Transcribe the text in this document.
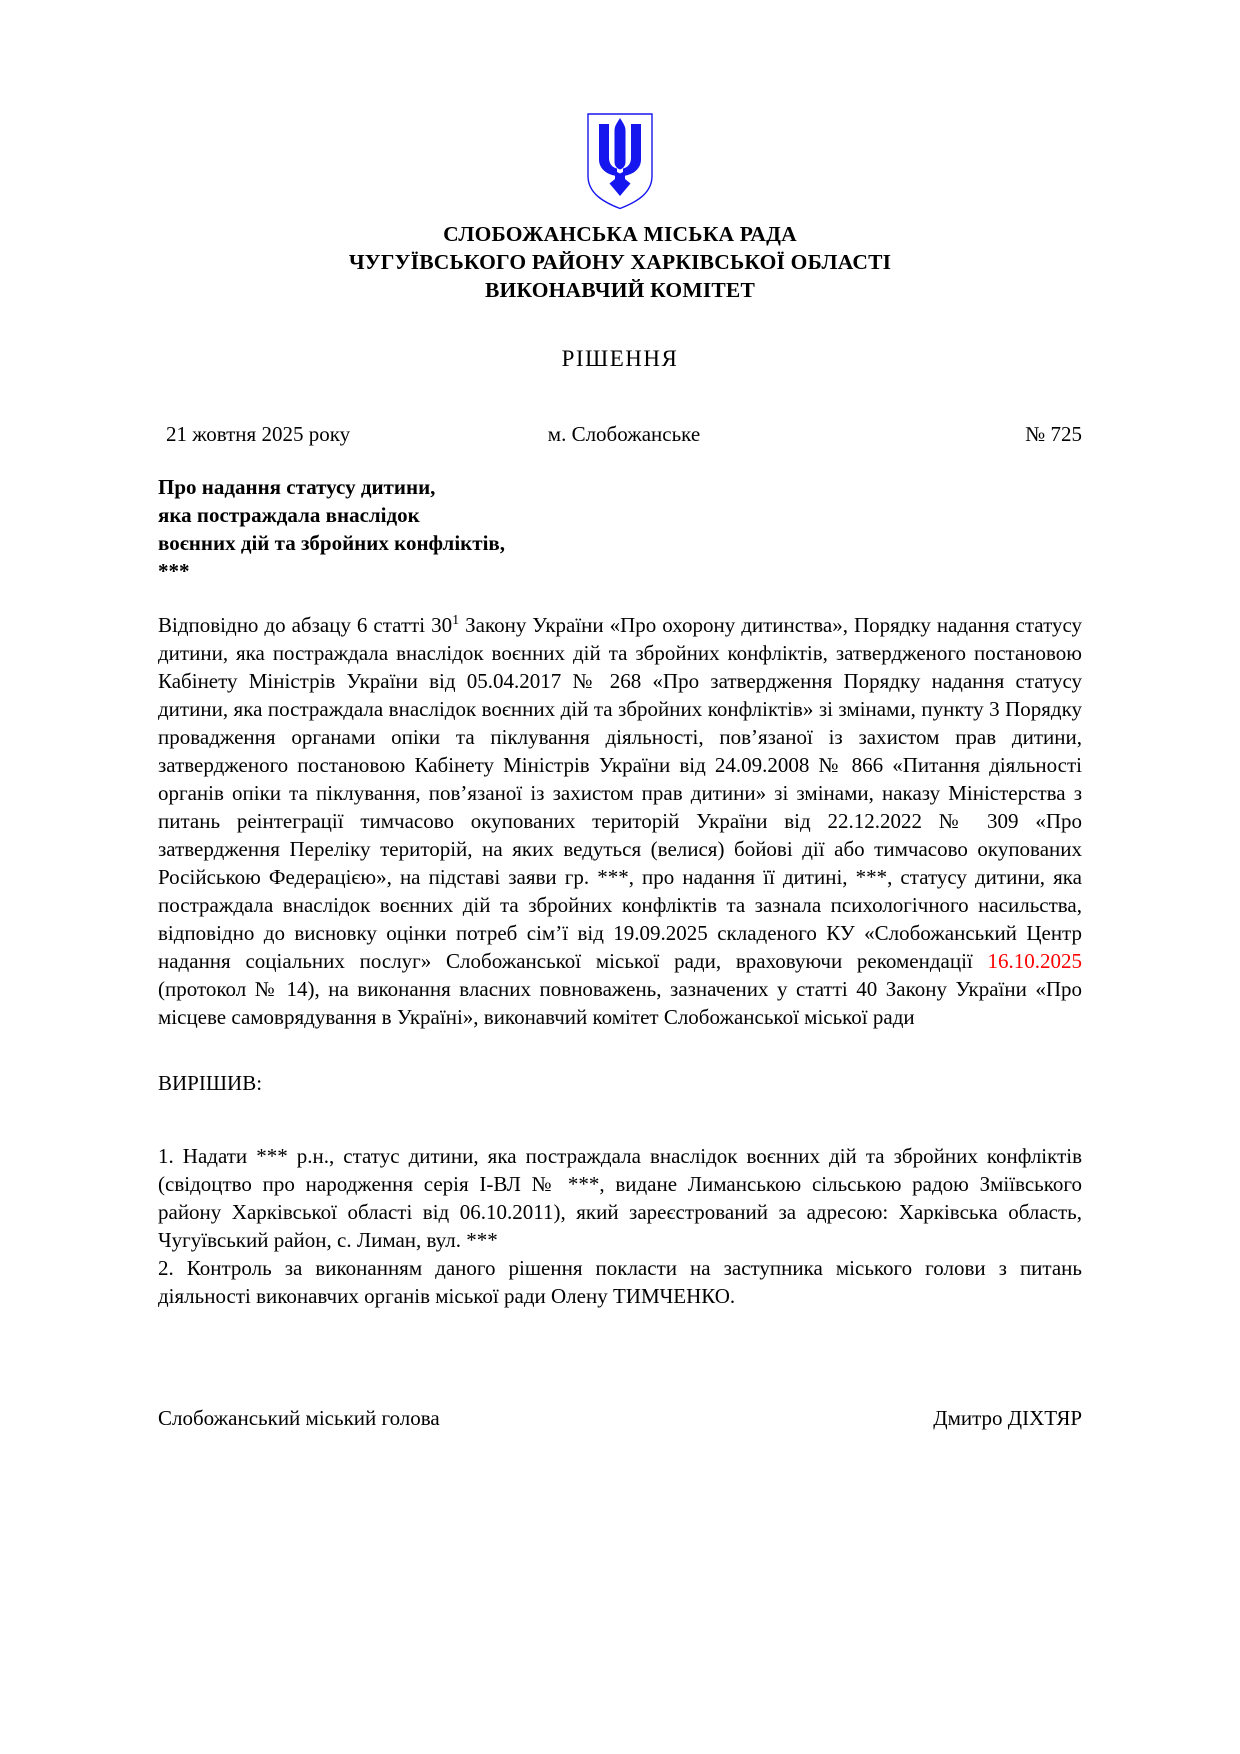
СЛОБОЖАНСЬКА МІСЬКА РАДА
ЧУГУЇВСЬКОГО РАЙОНУ ХАРКІВСЬКОЇ ОБЛАСТІ
ВИКОНАВЧИЙ КОМІТЕТ
РІШЕННЯ
21 жовтня 2025 року	м. Слобожанське	№ 725
Про надання статусу дитини,
яка постраждала внаслідок
воєнних дій та збройних конфліктів,
***

Відповідно до абзацу 6 статті $30^1$ Закону України «Про охорону дитинства», Порядку надання статусу дитини, яка постраждала внаслідок воєнних дій та збройних конфліктів, затвердженого постановою Кабінету Міністрів України від 05.04.2017 № 268 «Про затвердження Порядку надання статусу дитини, яка постраждала внаслідок воєнних дій та збройних конфліктів» зі змінами, пункту 3 Порядку провадження органами опіки та піклування діяльності, пов’язаної із захистом прав дитини, затвердженого постановою Кабінету Міністрів України від 24.09.2008 № 866 «Питання діяльності органів опіки та піклування, пов’язаної із захистом прав дитини» зі змінами, наказу Міністерства з питань реінтеграції тимчасово окупованих територій України від 22.12.2022 № 309 «Про затвердження Переліку територій, на яких ведуться (велися) бойові дії або тимчасово окупованих Російською Федерацією», на підставі заяви гр. ***, про надання її дитині, ***, статусу дитини, яка постраждала внаслідок воєнних дій та збройних конфліктів та зазнала психологічного насильства, відповідно до висновку оцінки потреб сім’ї від 19.09.2025 складеного КУ «Слобожанський Центр надання соціальних послуг» Слобожанської міської ради, враховуючи рекомендації 16.10.2025 (протокол № 14), на виконання власних повноважень, зазначених у статті 40 Закону України «Про місцеве самоврядування в Україні», виконавчий комітет Слобожанської міської ради

ВИРІШИВ:

1. Надати *** р.н., статус дитини, яка постраждала внаслідок воєнних дій та збройних конфліктів (свідоцтво про народження серія І-ВЛ № ***, видане Лиманською сільською радою Зміївського району Харківської області від 06.10.2011), який зареєстрований за адресою: Харківська область, Чугуївський район, с. Лиман, вул. ***

2. Контроль за виконанням даного рішення покласти на заступника міського голови з питань діяльності виконавчих органів міської ради Олену ТИМЧЕНКО.

Слобожанський міський голова	Дмитро ДІХТЯР
